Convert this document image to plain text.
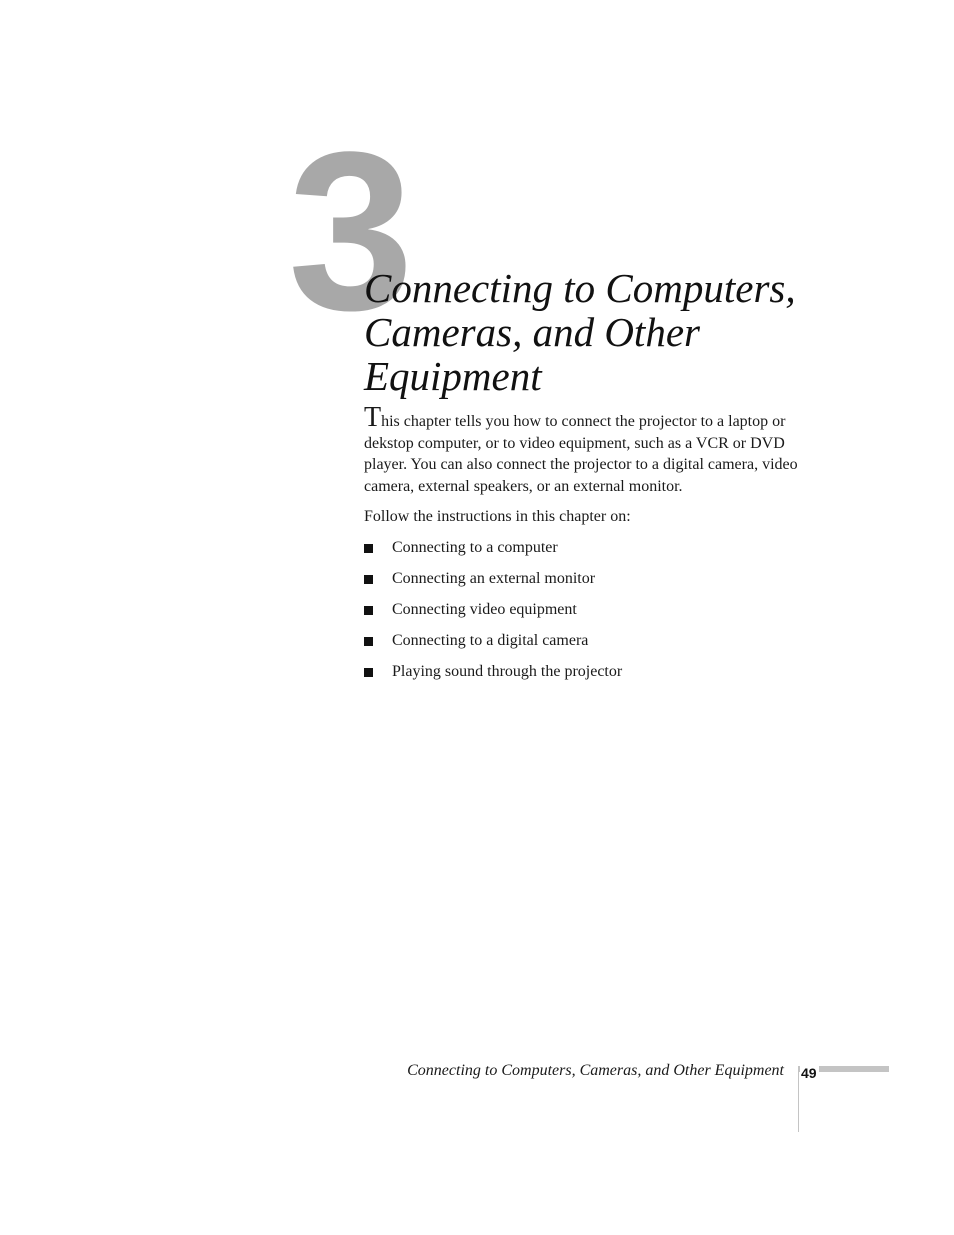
3
Connecting to Computers,
Cameras, and Other
Equipment

This chapter tells you how to connect the projector to a laptop or dekstop computer, or to video equipment, such as a VCR or DVD player. You can also connect the projector to a digital camera, video camera, external speakers, or an external monitor.

Follow the instructions in this chapter on:

Connecting to a computer
Connecting an external monitor
Connecting video equipment
Connecting to a digital camera
Playing sound through the projector
Connecting to Computers, Cameras, and Other Equipment 49
